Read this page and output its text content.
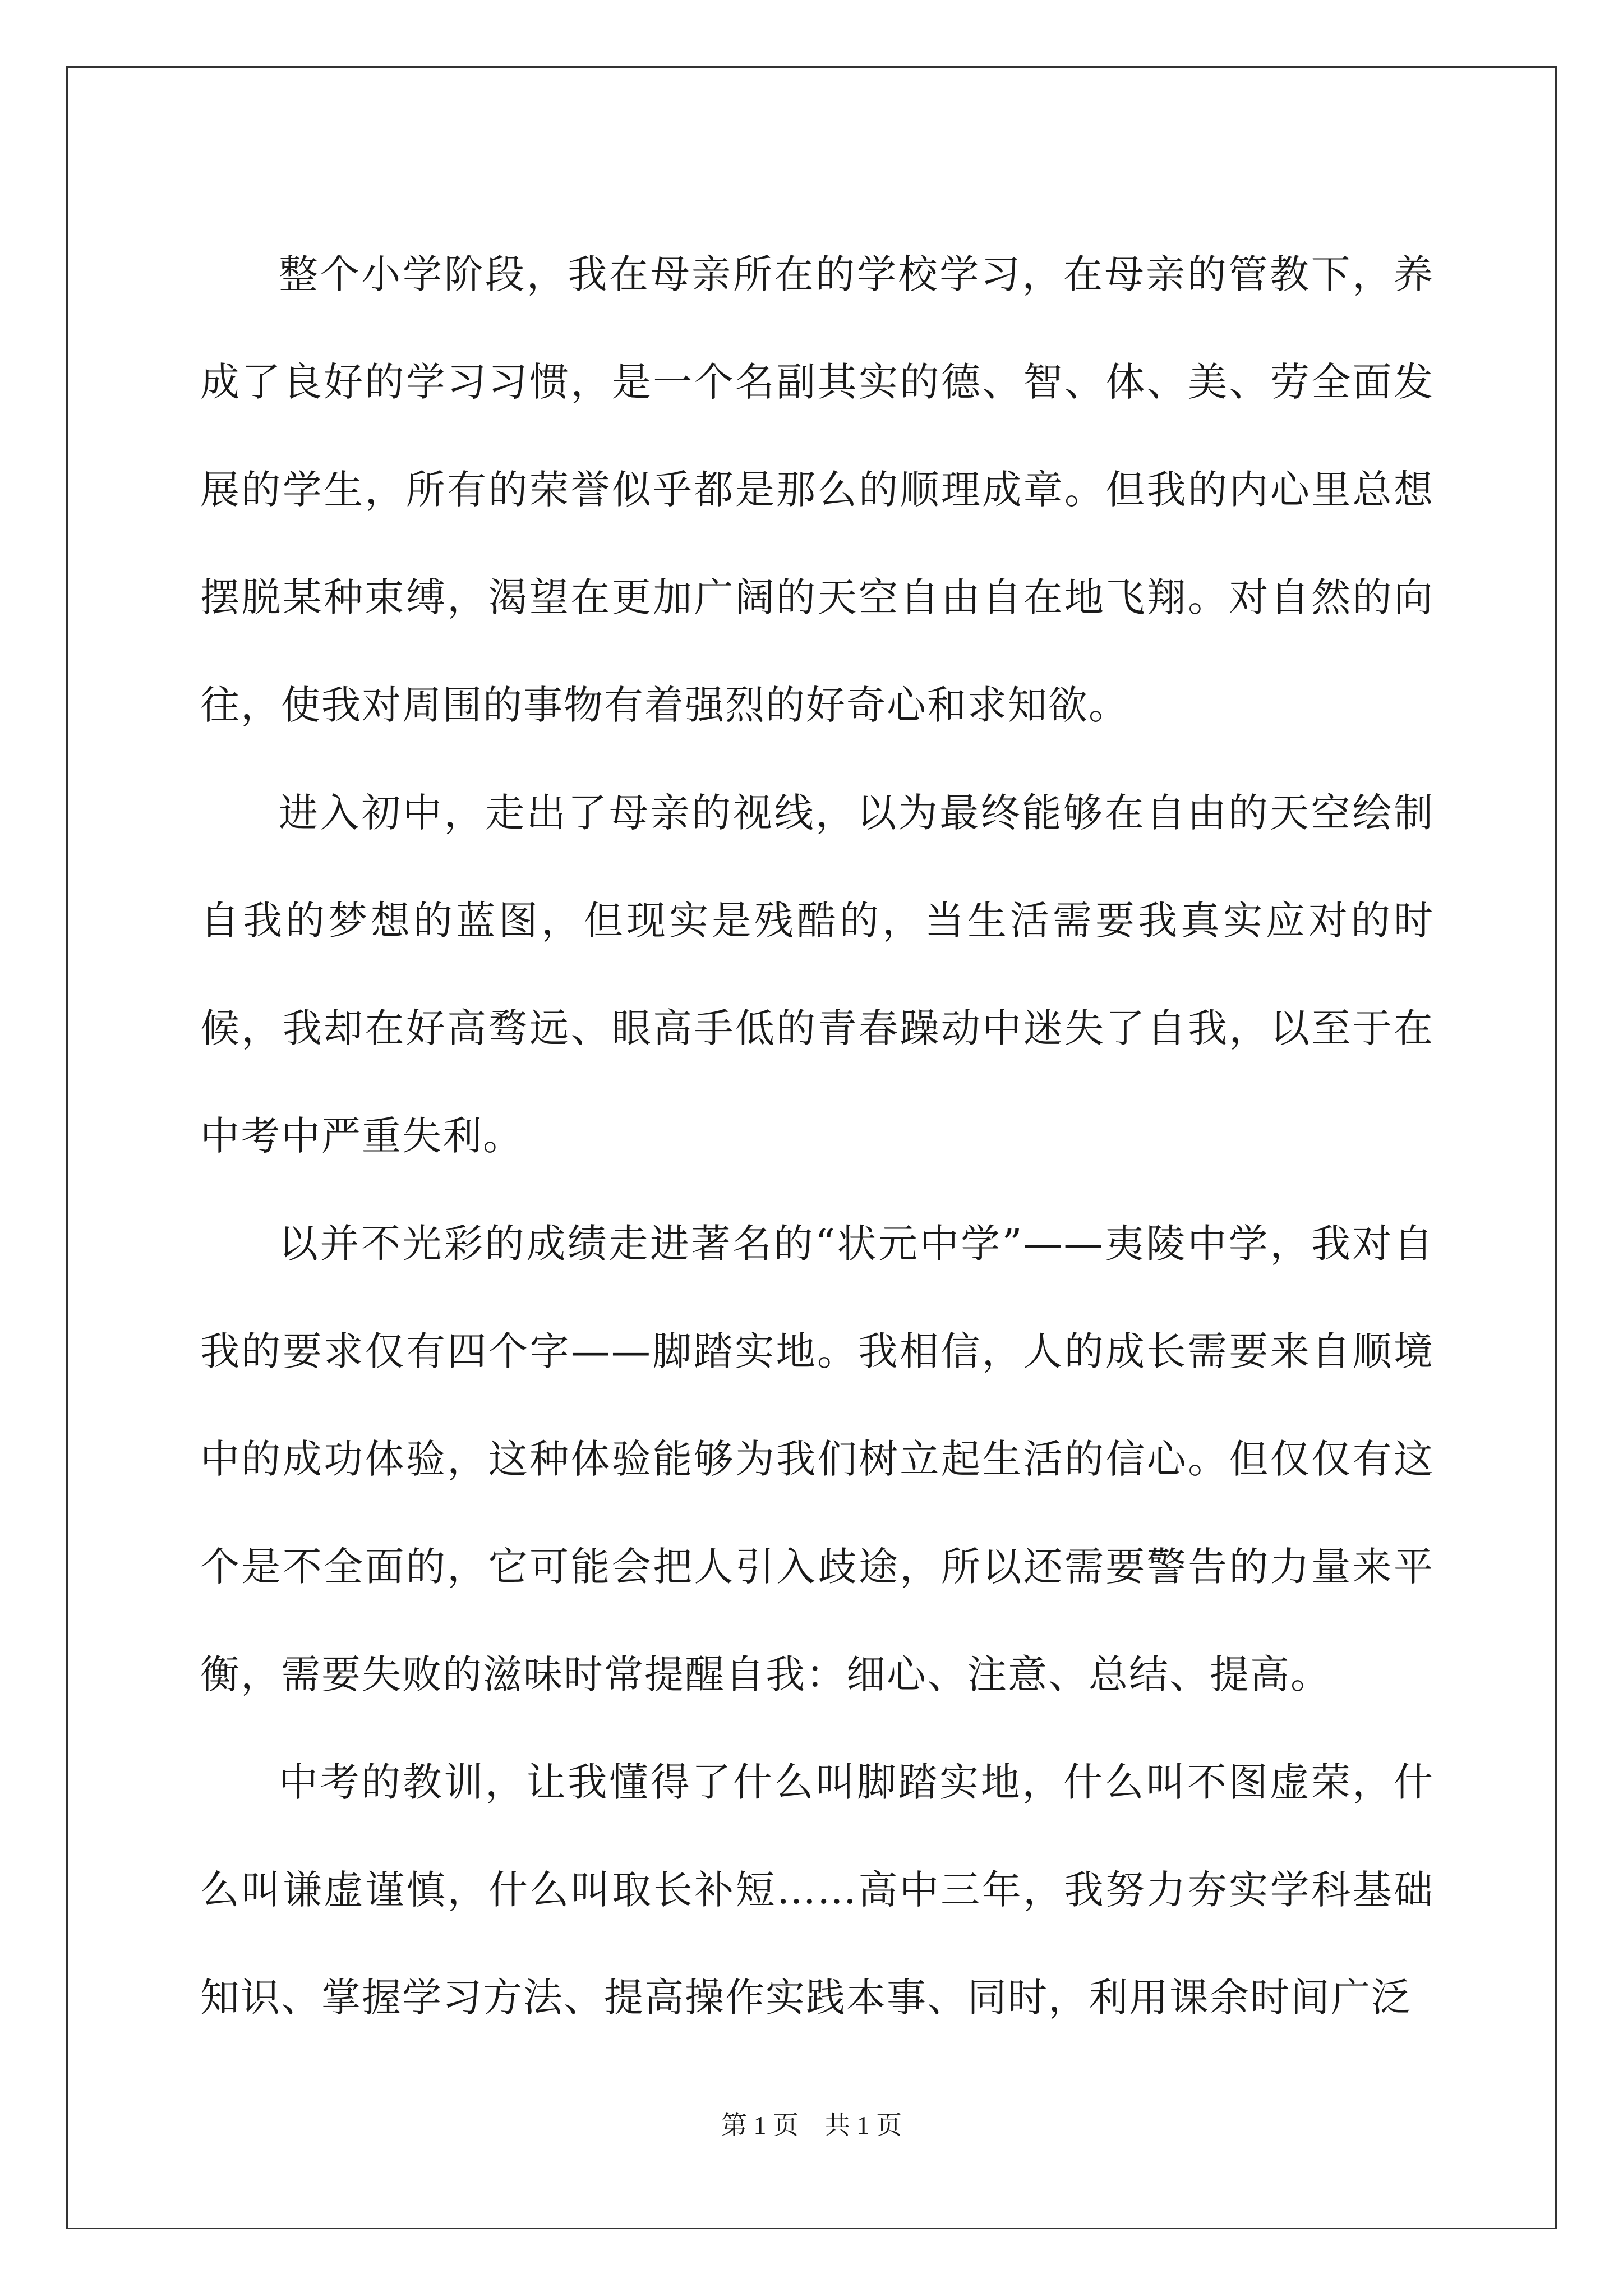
整个小学阶段，我在母亲所在的学校学习，在母亲的管教下，养成了良好的学习习惯，是一个名副其实的德、智、体、美、劳全面发展的学生，所有的荣誉似乎都是那么的顺理成章。但我的内心里总想摆脱某种束缚，渴望在更加广阔的天空自由自在地飞翔。对自然的向往，使我对周围的事物有着强烈的好奇心和求知欲。

进入初中，走出了母亲的视线，以为最终能够在自由的天空绘制自我的梦想的蓝图，但现实是残酷的，当生活需要我真实应对的时候，我却在好高骛远、眼高手低的青春躁动中迷失了自我，以至于在中考中严重失利。

以并不光彩的成绩走进著名的“状元中学”——夷陵中学，我对自我的要求仅有四个字——脚踏实地。我相信，人的成长需要来自顺境中的成功体验，这种体验能够为我们树立起生活的信心。但仅仅有这个是不全面的，它可能会把人引入歧途，所以还需要警告的力量来平衡，需要失败的滋味时常提醒自我：细心、注意、总结、提高。

中考的教训，让我懂得了什么叫脚踏实地，什么叫不图虚荣，什么叫谦虚谨慎，什么叫取长补短……高中三年，我努力夯实学科基础知识、掌握学习方法、提高操作实践本事、同时，利用课余时间广泛

第 1 页 共 1 页
